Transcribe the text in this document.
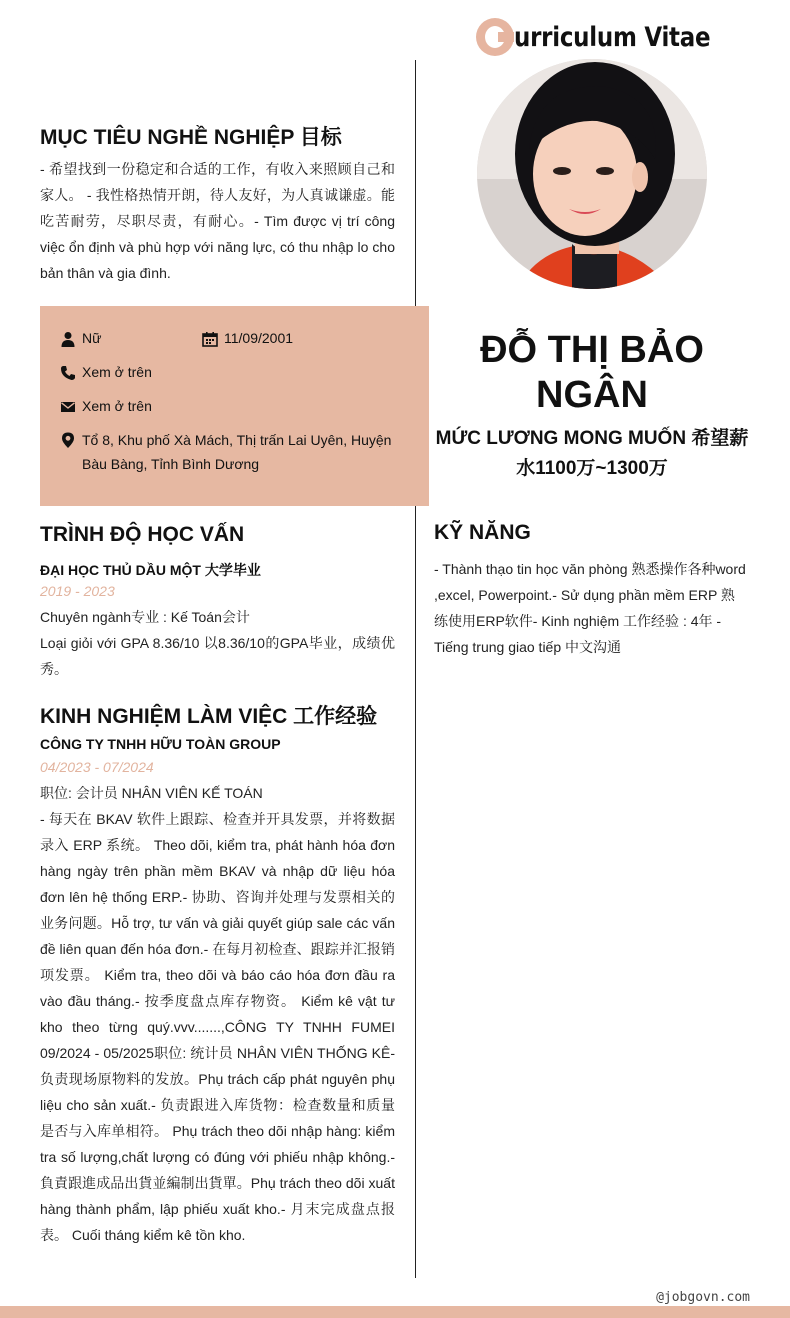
urriculum Vitae
MỤC TIÊU NGHỀ NGHIỆP 目标
- 希望找到一份稳定和合适的工作，有收入来照顾自己和家人。 - 我性格热情开朗，待人友好，为人真诚谦虚。能吃苦耐劳，尽职尽责，有耐心。- Tìm được vị trí công việc ổn định và phù hợp với năng lực, có thu nhập lo cho bản thân và gia đình.
Nữ	11/09/2001
Xem ở trên
Xem ở trên
Tổ 8, Khu phố Xà Mách, Thị trấn Lai Uyên, Huyện Bàu Bàng, Tỉnh Bình Dương
ĐỖ THỊ BẢO NGÂN
MỨC LƯƠNG MONG MUỐN 希望薪水1100万~1300万
TRÌNH ĐỘ HỌC VẤN
ĐẠI HỌC THỦ DẦU MỘT 大学毕业
2019 - 2023
Chuyên ngành专业 : Kế Toán会计
Loại giỏi với GPA 8.36/10 以8.36/10的GPA毕业，成绩优秀。
KINH NGHIỆM LÀM VIỆC 工作经验
CÔNG TY TNHH HỮU TOÀN GROUP
04/2023 - 07/2024
职位: 会计员 NHÂN VIÊN KẾ TOÁN
- 每天在 BKAV 软件上跟踪、检查并开具发票，并将数据录入 ERP 系统。 Theo dõi, kiểm tra, phát hành hóa đơn hàng ngày trên phần mềm BKAV và nhập dữ liệu hóa đơn lên hệ thống ERP.- 协助、咨询并处理与发票相关的业务问题。Hỗ trợ, tư vấn và giải quyết giúp sale các vấn đề liên quan đến hóa đơn.- 在每月初检查、跟踪并汇报销项发票。 Kiểm tra, theo dõi và báo cáo hóa đơn đầu ra vào đầu tháng.- 按季度盘点库存物资。 Kiểm kê vật tư kho theo từng quý.vvv.......,CÔNG TY TNHH FUMEI 09/2024 - 05/2025职位: 统计员 NHÂN VIÊN THỐNG KÊ- 负责现场原物料的发放。Phụ trách cấp phát nguyên phụ liệu cho sản xuất.- 负责跟进入库货物：检查数量和质量是否与入库单相符。 Phụ trách theo dõi nhập hàng: kiểm tra số lượng,chất lượng có đúng với phiếu nhập không.- 負責跟進成品出貨並編制出貨單。Phụ trách theo dõi xuất hàng thành phẩm, lập phiếu xuất kho.- 月末完成盘点报表。 Cuối tháng kiểm kê tồn kho.
KỸ NĂNG
- Thành thạo tin học văn phòng 熟悉操作各种word ,excel, Powerpoint.- Sử dụng phần mềm ERP 熟练使用ERP软件- Kinh nghiệm 工作经验 : 4年 - Tiếng trung giao tiếp 中文沟通
@jobgovn.com
